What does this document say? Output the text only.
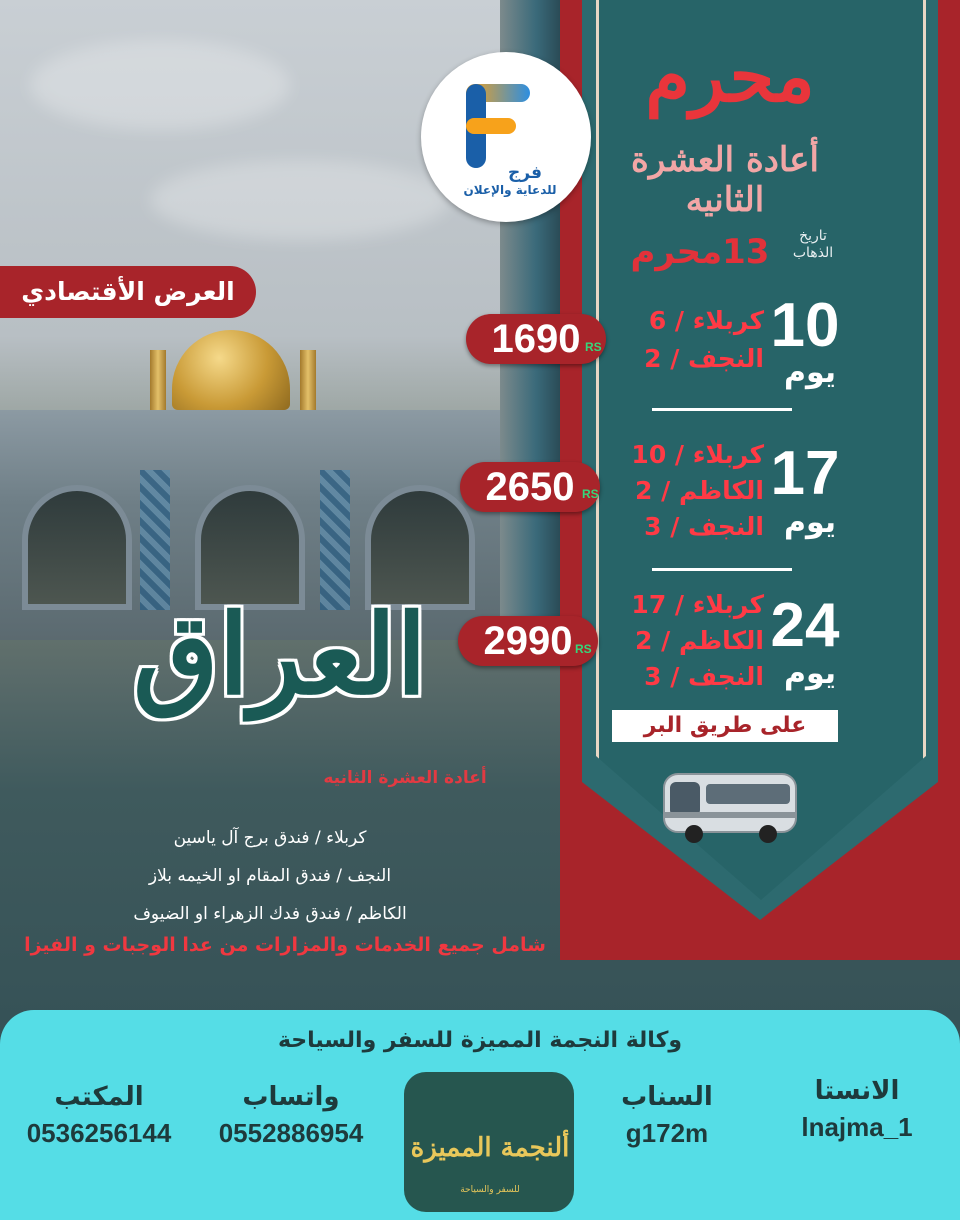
فرج
للدعاية والإعلان
محرم
أعادة العشرة الثانيه
تاريخ الذهاب
13محرم
10
يوم
كربلاء / 6
النجف / 2
1690 RS
17
يوم
كربلاء / 10
الكاظم / 2
النجف / 3
2650 RS
24
يوم
كربلاء / 17
الكاظم / 2
النجف / 3
2990 RS
على طريق البر
العرض الأقتصادي
العراق
أعادة العشرة الثانيه
كربلاء / فندق برج آل ياسين
النجف / فندق المقام او الخيمه بلاز
الكاظم / فندق فدك الزهراء او الضيوف
شامل جميع الخدمات والمزارات من عدا الوجبات و الفيزا
وكالة النجمة المميزة للسفر والسياحة
المكتب
0536256144
واتساب
0552886954
السناب
g172m
الانستا
lnajma_1
ألنجمة المميزة
للسفر والسياحة
